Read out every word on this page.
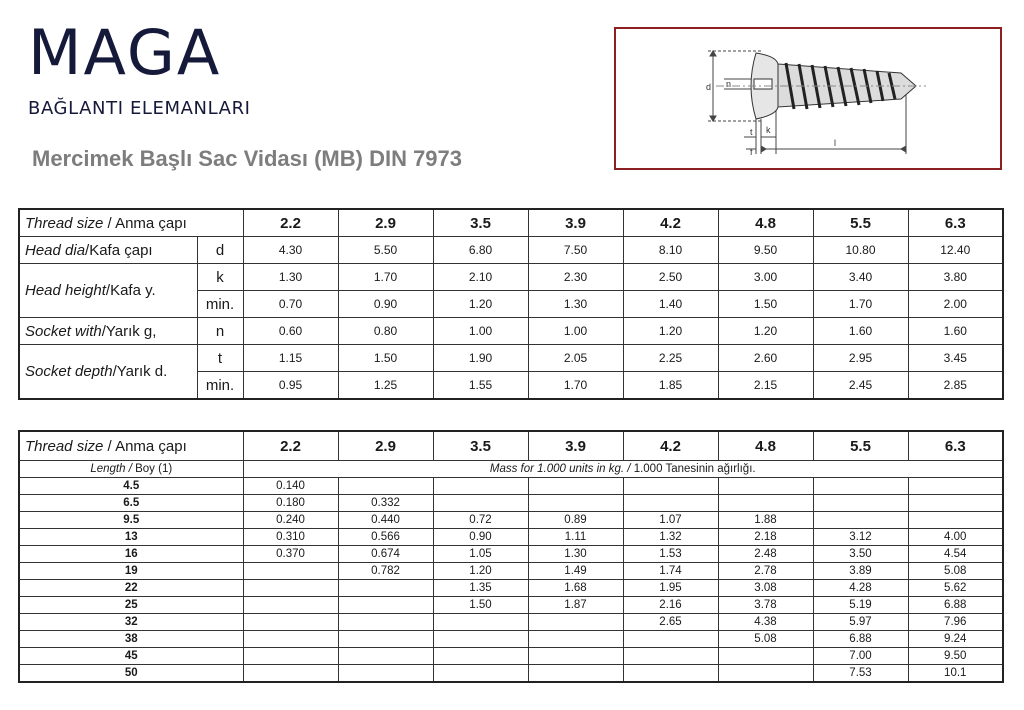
MAGA
BAĞLANTI ELEMANLARI
Mercimek Başlı Sac Vidası (MB) DIN 7973
d n
t
f
k
l
Thread size / Anma çapı		2.2	2.9	3.5	3.9	4.2	4.8	5.5	6.3
Head dia/Kafa çapı	d	4.30	5.50	6.80	7.50	8.10	9.50	10.80	12.40
Head height/Kafa y.	k	1.30	1.70	2.10	2.30	2.50	3.00	3.40	3.80
	min.	0.70	0.90	1.20	1.30	1.40	1.50	1.70	2.00
Socket with/Yarık g,	n	0.60	0.80	1.00	1.00	1.20	1.20	1.60	1.60
Socket depth/Yarık d.	t	1.15	1.50	1.90	2.05	2.25	2.60	2.95	3.45
	min.	0.95	1.25	1.55	1.70	1.85	2.15	2.45	2.85
Thread size / Anma çapı	2.2	2.9	3.5	3.9	4.2	4.8	5.5	6.3
Length / Boy (1)	Mass for 1.000 units in kg. / 1.000 Tanesinin ağırlığı.							
4.5	0.140							
6.5	0.180	0.332						
9.5	0.240	0.440	0.72	0.89	1.07	1.88		
13	0.310	0.566	0.90	1.11	1.32	2.18	3.12	4.00
16	0.370	0.674	1.05	1.30	1.53	2.48	3.50	4.54
19		0.782	1.20	1.49	1.74	2.78	3.89	5.08
22			1.35	1.68	1.95	3.08	4.28	5.62
25			1.50	1.87	2.16	3.78	5.19	6.88
32					2.65	4.38	5.97	7.96
38						5.08	6.88	9.24
45							7.00	9.50
50							7.53	10.1
